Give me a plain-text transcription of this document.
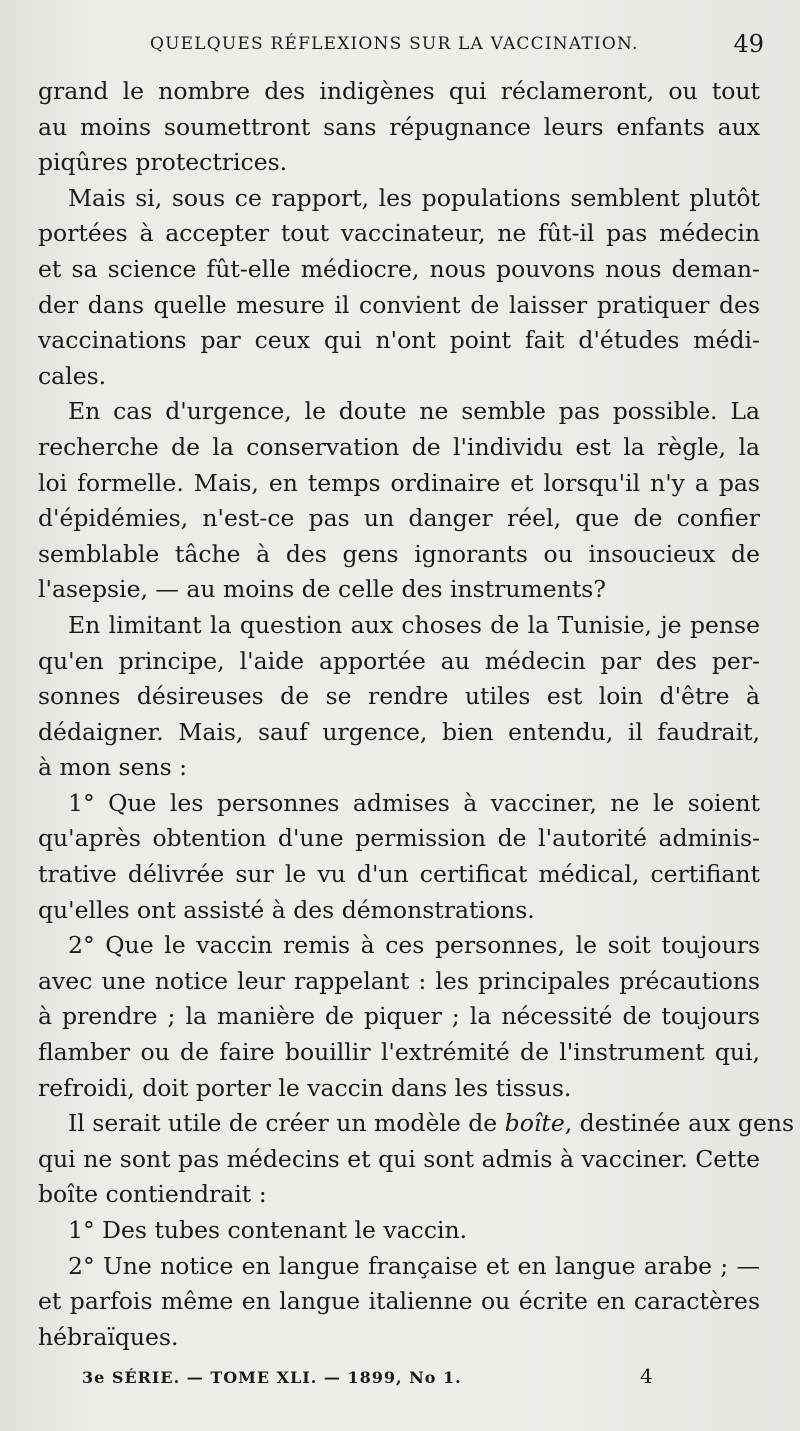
QUELQUES RÉFLEXIONS SUR LA VACCINATION.	49
grand le nombre des indigènes qui réclameront, ou tout
au moins soumettront sans répugnance leurs enfants aux
piqûres protectrices.
Mais si, sous ce rapport, les populations semblent plutôt
portées à accepter tout vaccinateur, ne fût-il pas médecin
et sa science fût-elle médiocre, nous pouvons nous deman-
der dans quelle mesure il convient de laisser pratiquer des
vaccinations par ceux qui n'ont point fait d'études médi-
cales.
En cas d'urgence, le doute ne semble pas possible. La
recherche de la conservation de l'individu est la règle, la
loi formelle. Mais, en temps ordinaire et lorsqu'il n'y a pas
d'épidémies, n'est-ce pas un danger réel, que de confier
semblable tâche à des gens ignorants ou insoucieux de
l'asepsie, — au moins de celle des instruments?
En limitant la question aux choses de la Tunisie, je pense
qu'en principe, l'aide apportée au médecin par des per-
sonnes désireuses de se rendre utiles est loin d'être à
dédaigner. Mais, sauf urgence, bien entendu, il faudrait,
à mon sens :
1° Que les personnes admises à vacciner, ne le soient
qu'après obtention d'une permission de l'autorité adminis-
trative délivrée sur le vu d'un certificat médical, certifiant
qu'elles ont assisté à des démonstrations.
2° Que le vaccin remis à ces personnes, le soit toujours
avec une notice leur rappelant : les principales précautions
à prendre ; la manière de piquer ; la nécessité de toujours
flamber ou de faire bouillir l'extrémité de l'instrument qui,
refroidi, doit porter le vaccin dans les tissus.
Il serait utile de créer un modèle de boîte, destinée aux gens
qui ne sont pas médecins et qui sont admis à vacciner. Cette
boîte contiendrait :
1° Des tubes contenant le vaccin.
2° Une notice en langue française et en langue arabe ; —
et parfois même en langue italienne ou écrite en caractères
hébraïques.
3e SÉRIE. — TOME XLI. — 1899, No 1.	4
